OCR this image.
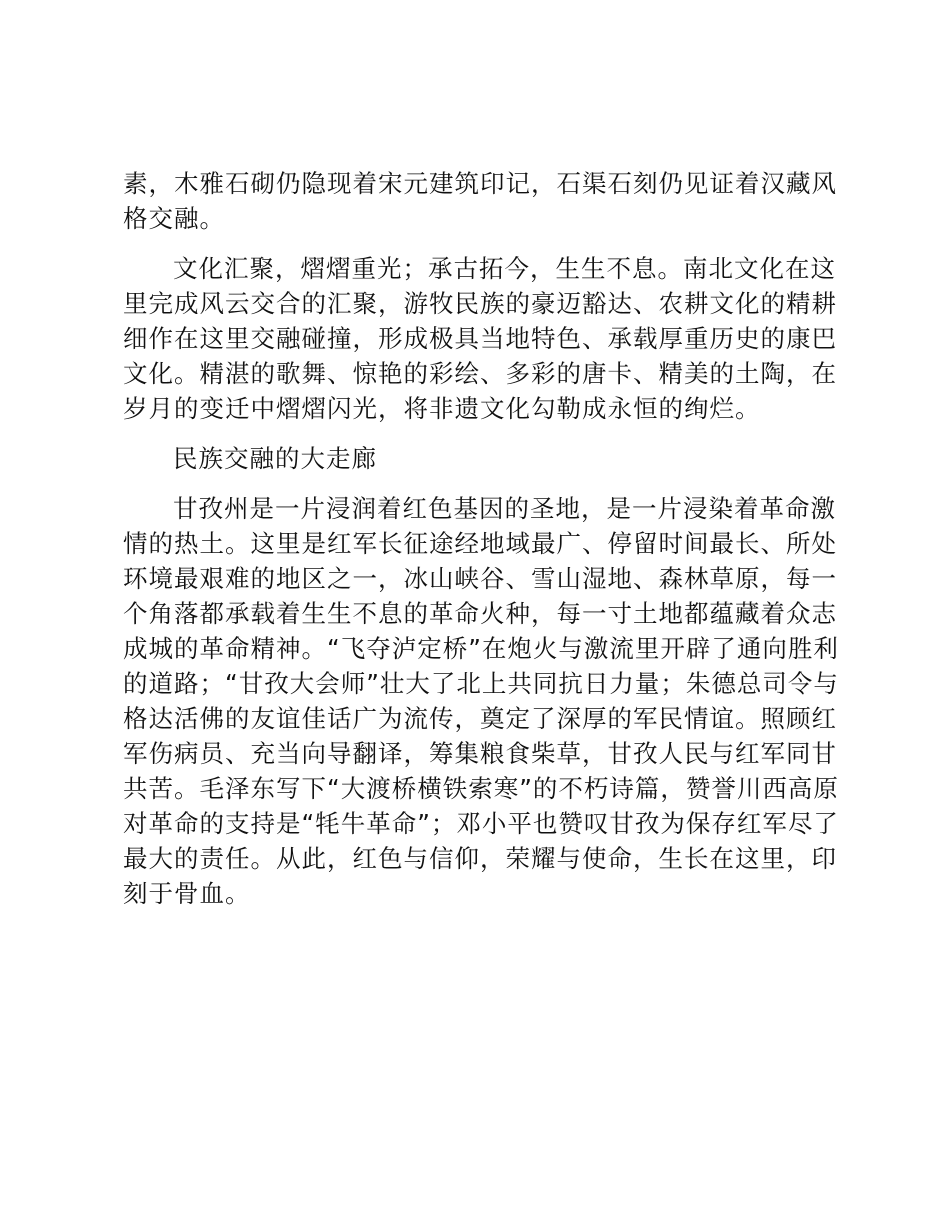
素，木雅石砌仍隐现着宋元建筑印记，石渠石刻仍见证着汉藏风
格交融。
文化汇聚，熠熠重光；承古拓今，生生不息。南北文化在这
里完成风云交合的汇聚，游牧民族的豪迈豁达、农耕文化的精耕
细作在这里交融碰撞，形成极具当地特色、承载厚重历史的康巴
文化。精湛的歌舞、惊艳的彩绘、多彩的唐卡、精美的土陶，在
岁月的变迁中熠熠闪光，将非遗文化勾勒成永恒的绚烂。
民族交融的大走廊
甘孜州是一片浸润着红色基因的圣地，是一片浸染着革命激
情的热土。这里是红军长征途经地域最广、停留时间最长、所处
环境最艰难的地区之一，冰山峡谷、雪山湿地、森林草原，每一
个角落都承载着生生不息的革命火种，每一寸土地都蕴藏着众志
成城的革命精神。“飞夺泸定桥”在炮火与激流里开辟了通向胜利
的道路；“甘孜大会师”壮大了北上共同抗日力量；朱德总司令与
格达活佛的友谊佳话广为流传，奠定了深厚的军民情谊。照顾红
军伤病员、充当向导翻译，筹集粮食柴草，甘孜人民与红军同甘
共苦。毛泽东写下“大渡桥横铁索寒”的不朽诗篇，赞誉川西高原
对革命的支持是“牦牛革命”；邓小平也赞叹甘孜为保存红军尽了
最大的责任。从此，红色与信仰，荣耀与使命，生长在这里，印
刻于骨血。
